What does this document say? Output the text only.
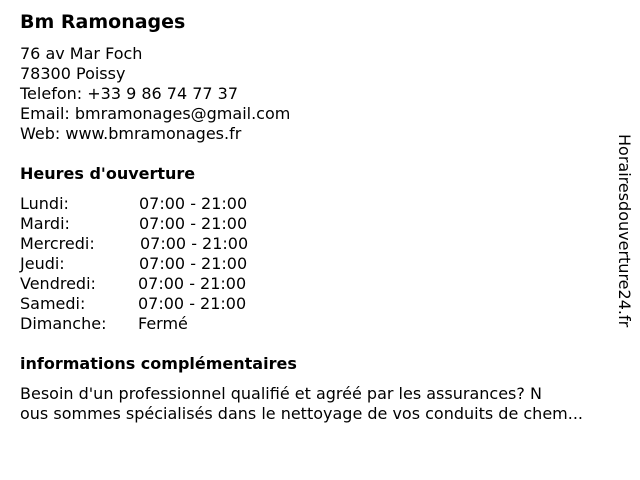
Bm Ramonages
76 av Mar Foch
78300 Poissy
Telefon: +33 9 86 74 77 37
Email: bmramonages@gmail.com
Web: www.bmramonages.fr
Heures d'ouverture
Lundi:	07:00 - 21:00
Mardi:	07:00 - 21:00
Mercredi:	07:00 - 21:00
Jeudi:	07:00 - 21:00
Vendredi:	07:00 - 21:00
Samedi:	07:00 - 21:00
Dimanche:	Fermé
informations complémentaires
Besoin d'un professionnel qualifié et agréé par les assurances? N
ous sommes spécialisés dans le nettoyage de vos conduits de chem...
Horairesdouverture24.fr
